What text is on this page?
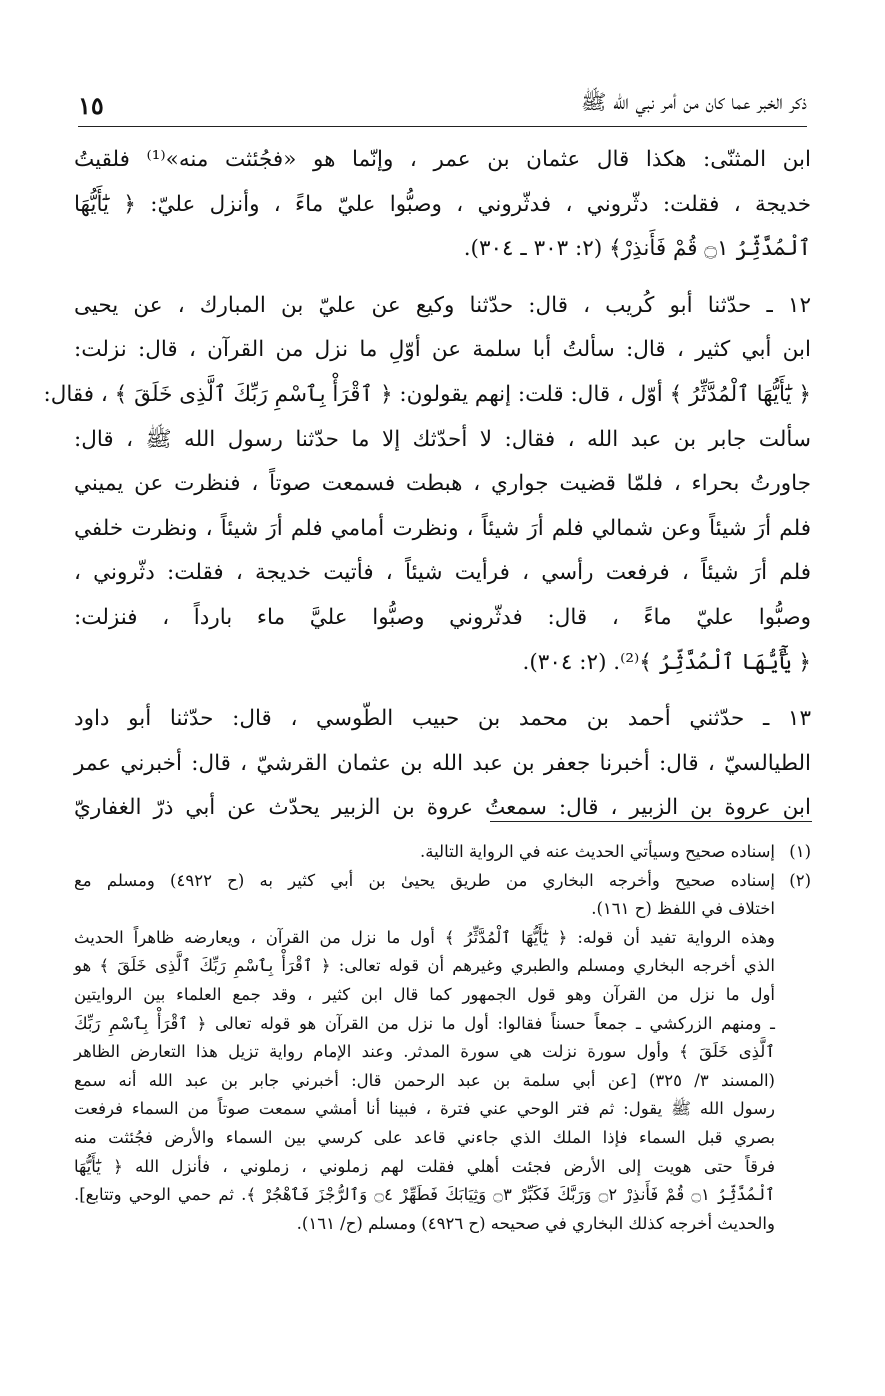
ذكر الخبر عما كان من أمر نبي الله ﷺ
١٥

ابن المثنّى: هكذا قال عثمان بن عمر ، وإنّما هو «فجُئثت منه»⁽¹⁾ فلقيتُ
خديجة ، فقلت: دثّروني ، فدثّروني ، وصبُّوا عليّ ماءً ، وأنزل عليّ: ﴿ يَٰٓأَيُّهَا
ٱلْمُدَّثِّرُ ۝١ قُمْ فَأَنذِرْ﴾ (٢: ٣٠٣ ـ ٣٠٤).

١٢ ـ حدّثنا أبو كُريب ، قال: حدّثنا وكيع عن عليّ بن المبارك ، عن يحيى
ابن أبي كثير ، قال: سألتُ أبا سلمة عن أوّلِ ما نزل من القرآن ، قال: نزلت:
﴿ يَٰٓأَيُّهَا ٱلْمُدَّثِّرُ ﴾ أوّل ، قال: قلت: إنهم يقولون: ﴿ ٱقْرَأْ بِٱسْمِ رَبِّكَ ٱلَّذِى خَلَقَ ﴾ ، فقال:
سألت جابر بن عبد الله ، فقال: لا أحدّثك إلا ما حدّثنا رسول الله ﷺ ، قال:
جاورتُ بحراء ، فلمّا قضيت جواري ، هبطت فسمعت صوتاً ، فنظرت عن يميني
فلم أرَ شيئاً وعن شمالي فلم أرَ شيئاً ، ونظرت أمامي فلم أرَ شيئاً ، ونظرت خلفي
فلم أرَ شيئاً ، فرفعت رأسي ، فرأيت شيئاً ، فأتيت خديجة ، فقلت: دثّروني ،
وصبُّوا عليّ ماءً ، قال: فدثّروني وصبُّوا عليَّ ماء بارداً ، فنزلت:
﴿ يَٰٓأَيُّهَا ٱلْمُدَّثِّرُ ﴾⁽²⁾. (٢: ٣٠٤).

١٣ ـ حدّثني أحمد بن محمد بن حبيب الطّوسي ، قال: حدّثنا أبو داود
الطيالسيّ ، قال: أخبرنا جعفر بن عبد الله بن عثمان القرشيّ ، قال: أخبرني عمر
ابن عروة بن الزبير ، قال: سمعتُ عروة بن الزبير يحدّث عن أبي ذرّ الغفاريّ

(١)
إسناده صحيح وسيأتي الحديث عنه في الرواية التالية.
(٢)
إسناده صحيح وأخرجه البخاري من طريق يحيىٰ بن أبي كثير به (ح ٤٩٢٢) ومسلم مع
اختلاف في اللفظ (ح ١٦١).
وهذه الرواية تفيد أن قوله: ﴿ يَٰٓأَيُّهَا ٱلْمُدَّثِّرُ ﴾ أول ما نزل من القرآن ، ويعارضه ظاهراً الحديث
الذي أخرجه البخاري ومسلم والطبري وغيرهم أن قوله تعالى: ﴿ ٱقْرَأْ بِٱسْمِ رَبِّكَ ٱلَّذِى خَلَقَ ﴾ هو
أول ما نزل من القرآن وهو قول الجمهور كما قال ابن كثير ، وقد جمع العلماء بين الروايتين
ـ ومنهم الزركشي ـ جمعاً حسناً فقالوا: أول ما نزل من القرآن هو قوله تعالى ﴿ ٱقْرَأْ بِٱسْمِ رَبِّكَ
ٱلَّذِى خَلَقَ ﴾ وأول سورة نزلت هي سورة المدثر. وعند الإمام رواية تزيل هذا التعارض الظاهر
(المسند ٣/ ٣٢٥) [عن أبي سلمة بن عبد الرحمن قال: أخبرني جابر بن عبد الله أنه سمع
رسول الله ﷺ يقول: ثم فتر الوحي عني فترة ، فبينا أنا أمشي سمعت صوتاً من السماء فرفعت
بصري قبل السماء فإذا الملك الذي جاءني قاعد على كرسي بين السماء والأرض فجُئثت منه
فرقاً حتى هويت إلى الأرض فجئت أهلي فقلت لهم زملوني ، زملوني ، فأنزل الله ﴿ يَٰٓأَيُّهَا
ٱلْمُدَّثِّرُ ۝١ قُمْ فَأَنذِرْ ۝٢ وَرَبَّكَ فَكَبِّرْ ۝٣ وَثِيَابَكَ فَطَهِّرْ ۝٤ وَٱلرُّجْزَ فَٱهْجُرْ ﴾. ثم حمي الوحي وتتابع].
والحديث أخرجه كذلك البخاري في صحيحه (ح ٤٩٢٦) ومسلم (ح/ ١٦١).
